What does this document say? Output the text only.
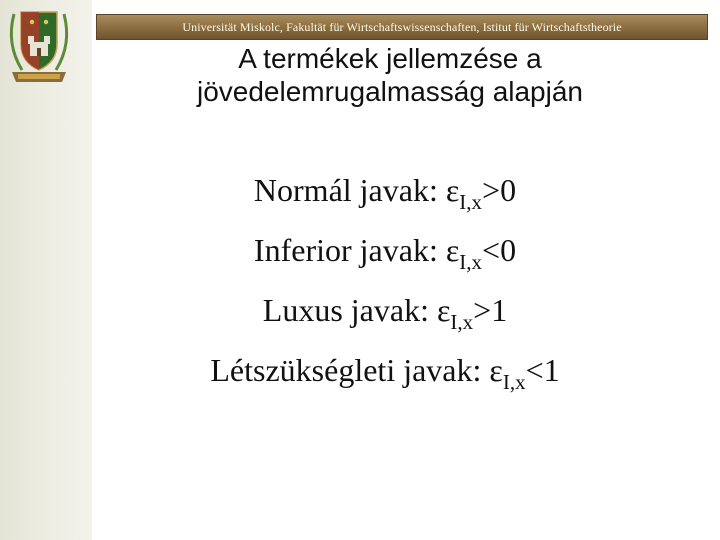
Universität Miskolc, Fakultät für Wirtschaftswissenschaften, Istitut für Wirtschaftstheorie
A termékek jellemzése a
jövedelemrugalmasság alapján
Normál javak: $\varepsilon_{I,x}>0$
Inferior javak: $\varepsilon_{I,x}<0$
Luxus javak: $\varepsilon_{I,x}>1$
Létszükségleti javak: $\varepsilon_{I,x}<1$
